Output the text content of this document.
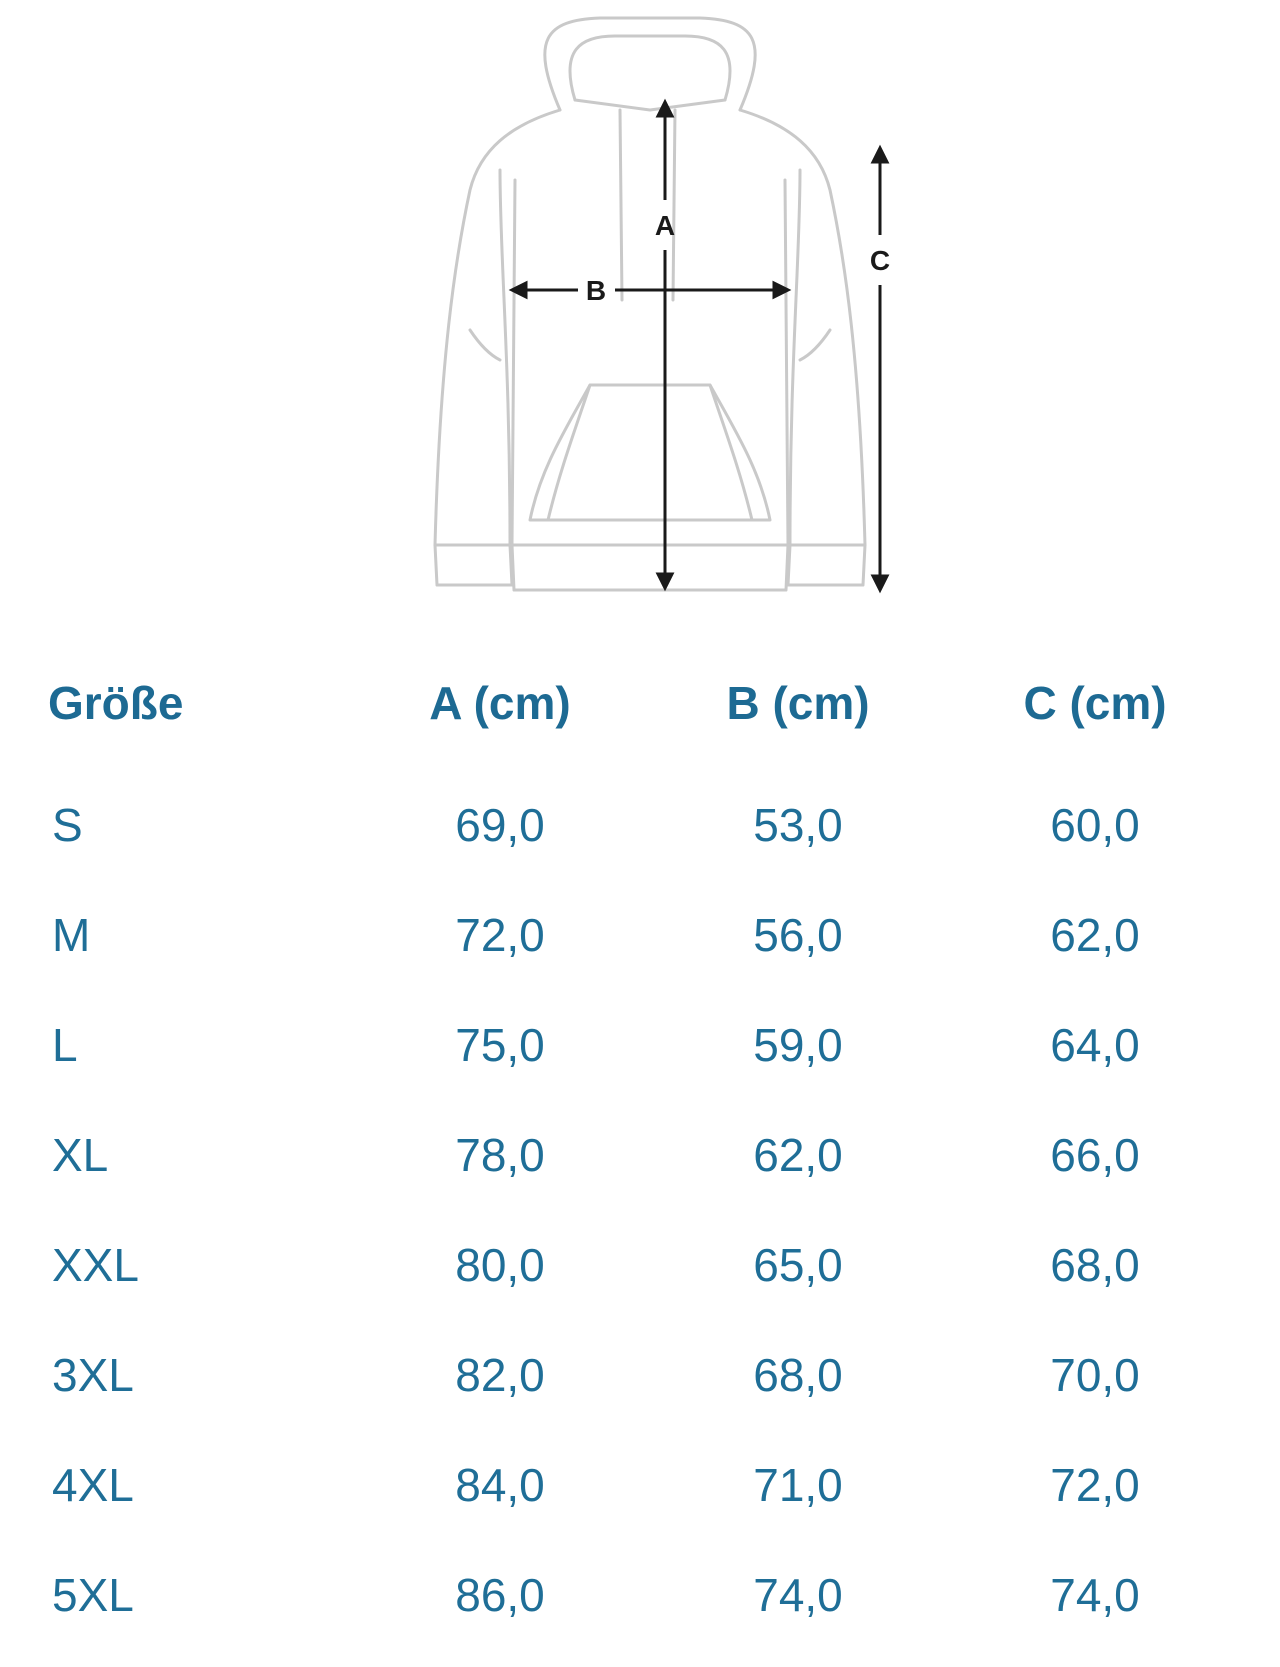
A
B
C
Größe	A (cm)	B (cm)	C (cm)
S	69,0	53,0	60,0
M	72,0	56,0	62,0
L	75,0	59,0	64,0
XL	78,0	62,0	66,0
XXL	80,0	65,0	68,0
3XL	82,0	68,0	70,0
4XL	84,0	71,0	72,0
5XL	86,0	74,0	74,0
